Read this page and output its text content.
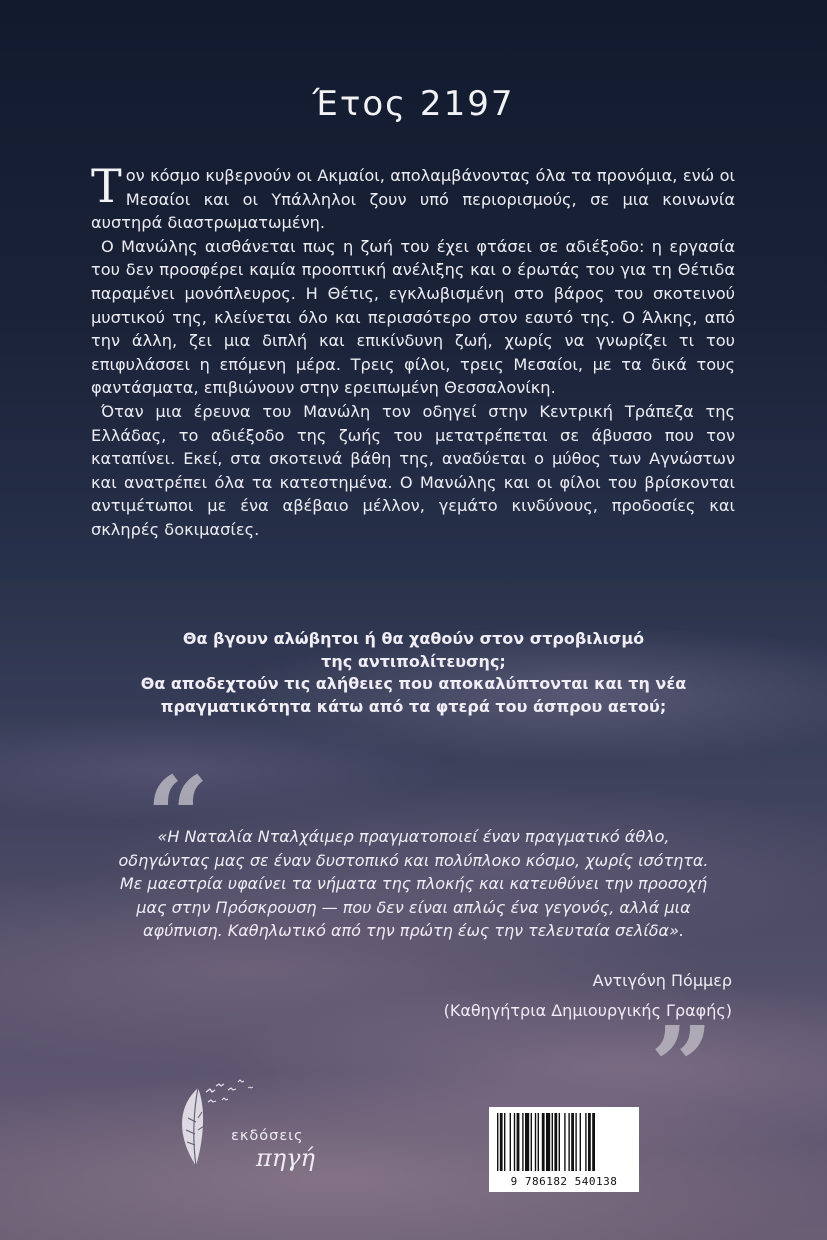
Έτος 2197

Τον κόσμο κυβερνούν οι Ακμαίοι, απολαμβάνοντας όλα τα προνόμια, ενώ οι Μεσαίοι και οι Υπάλληλοι ζουν υπό περιορισμούς, σε μια κοινωνία αυστηρά διαστρωματωμένη.

Ο Μανώλης αισθάνεται πως η ζωή του έχει φτάσει σε αδιέξοδο: η εργασία του δεν προσφέρει καμία προοπτική ανέλιξης και ο έρωτάς του για τη Θέτιδα παραμένει μονόπλευρος. Η Θέτις, εγκλωβισμένη στο βάρος του σκοτεινού μυστικού της, κλείνεται όλο και περισσότερο στον εαυτό της. Ο Άλκης, από την άλλη, ζει μια διπλή και επικίνδυνη ζωή, χωρίς να γνωρίζει τι του επιφυλάσσει η επόμενη μέρα. Τρεις φίλοι, τρεις Μεσαίοι, με τα δικά τους φαντάσματα, επιβιώνουν στην ερειπωμένη Θεσσαλονίκη.

Όταν μια έρευνα του Μανώλη τον οδηγεί στην Κεντρική Τράπεζα της Ελλάδας, το αδιέξοδο της ζωής του μετατρέπεται σε άβυσσο που τον καταπίνει. Εκεί, στα σκοτεινά βάθη της, αναδύεται ο μύθος των Αγνώστων και ανατρέπει όλα τα κατεστημένα. Ο Μανώλης και οι φίλοι του βρίσκονται αντιμέτωποι με ένα αβέβαιο μέλλον, γεμάτο κινδύνους, προδοσίες και σκληρές δοκιμασίες.

Θα βγουν αλώβητοι ή θα χαθούν στον στροβιλισμό
της αντιπολίτευσης;
Θα αποδεχτούν τις αλήθειες που αποκαλύπτονται και τη νέα
πραγματικότητα κάτω από τα φτερά του άσπρου αετού;
“
«Η Ναταλία Νταλχάιμερ πραγματοποιεί έναν πραγματικό άθλο,
οδηγώντας μας σε έναν δυστοπικό και πολύπλοκο κόσμο, χωρίς ισότητα.
Με μαεστρία υφαίνει τα νήματα της πλοκής και κατευθύνει την προσοχή
μας στην Πρόσκρουση — που δεν είναι απλώς ένα γεγονός, αλλά μια
αφύπνιση. Καθηλωτικό από την πρώτη έως την τελευταία σελίδα».
Αντιγόνη Πόμμερ
(Καθηγήτρια Δημιουργικής Γραφής)
”
εκδόσεις
πηγή
9 786182 540138
